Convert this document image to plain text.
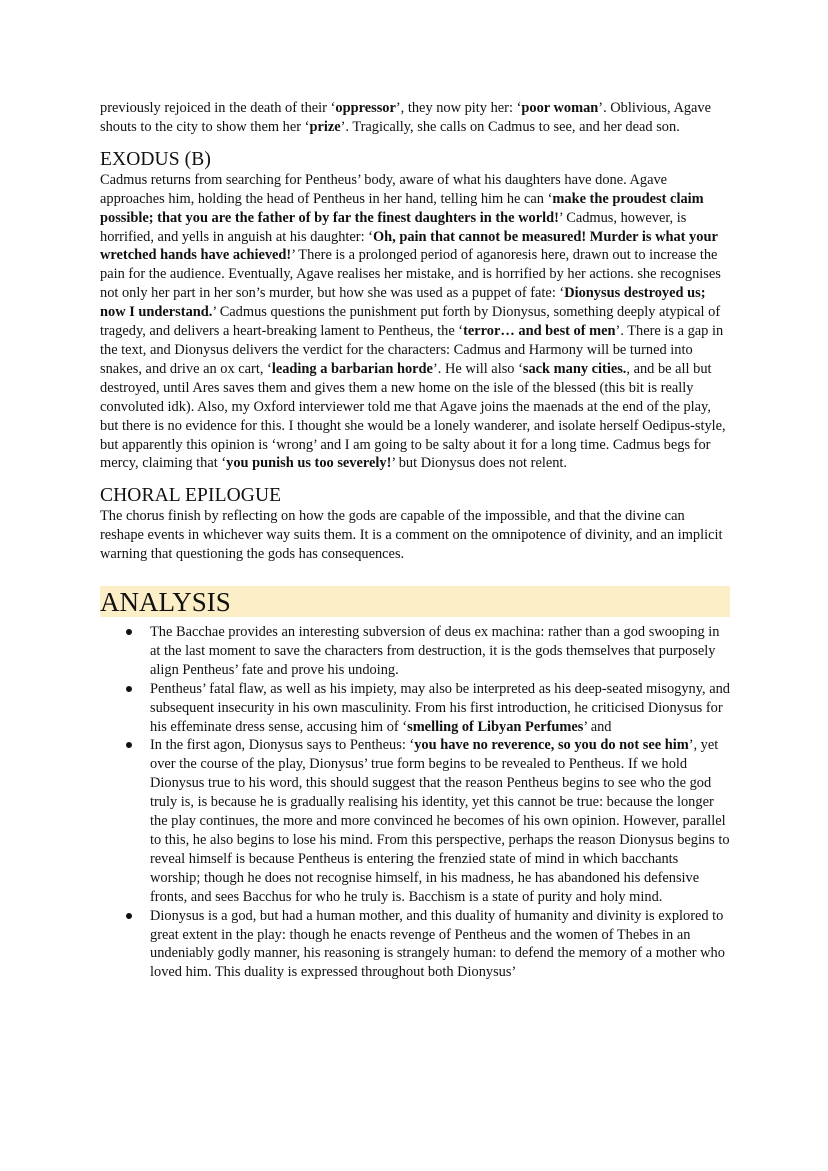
previously rejoiced in the death of their ‘oppressor’, they now pity her: ‘poor woman’. Oblivious, Agave shouts to the city to show them her ‘prize’. Tragically, she calls on Cadmus to see, and her dead son.

EXODUS (B)

Cadmus returns from searching for Pentheus’ body, aware of what his daughters have done. Agave approaches him, holding the head of Pentheus in her hand, telling him he can ‘make the proudest claim possible; that you are the father of by far the finest daughters in the world!’ Cadmus, however, is horrified, and yells in anguish at his daughter: ‘Oh, pain that cannot be measured! Murder is what your wretched hands have achieved!’ There is a prolonged period of aganoresis here, drawn out to increase the pain for the audience. Eventually, Agave realises her mistake, and is horrified by her actions. she recognises not only her part in her son’s murder, but how she was used as a puppet of fate: ‘Dionysus destroyed us; now I understand.’ Cadmus questions the punishment put forth by Dionysus, something deeply atypical of tragedy, and delivers a heart-breaking lament to Pentheus, the ‘terror… and best of men’. There is a gap in the text, and Dionysus delivers the verdict for the characters: Cadmus and Harmony will be turned into snakes, and drive an ox cart, ‘leading a barbarian horde’. He will also ‘sack many cities., and be all but destroyed, until Ares saves them and gives them a new home on the isle of the blessed (this bit is really convoluted idk). Also, my Oxford interviewer told me that Agave joins the maenads at the end of the play, but there is no evidence for this. I thought she would be a lonely wanderer, and isolate herself Oedipus-style, but apparently this opinion is ‘wrong’ and I am going to be salty about it for a long time. Cadmus begs for mercy, claiming that ‘you punish us too severely!’ but Dionysus does not relent.

CHORAL EPILOGUE

The chorus finish by reflecting on how the gods are capable of the impossible, and that the divine can reshape events in whichever way suits them. It is a comment on the omnipotence of divinity, and an implicit warning that questioning the gods has consequences.

ANALYSIS

The Bacchae provides an interesting subversion of deus ex machina: rather than a god swooping in at the last moment to save the characters from destruction, it is the gods themselves that purposely align Pentheus’ fate and prove his undoing.

Pentheus’ fatal flaw, as well as his impiety, may also be interpreted as his deep-seated misogyny, and subsequent insecurity in his own masculinity. From his first introduction, he criticised Dionysus for his effeminate dress sense, accusing him of ‘smelling of Libyan Perfumes’ and

In the first agon, Dionysus says to Pentheus: ‘you have no reverence, so you do not see him’, yet over the course of the play, Dionysus’ true form begins to be revealed to Pentheus. If we hold Dionysus true to his word, this should suggest that the reason Pentheus begins to see who the god truly is, is because he is gradually realising his identity, yet this cannot be true: because the longer the play continues, the more and more convinced he becomes of his own opinion. However, parallel to this, he also begins to lose his mind. From this perspective, perhaps the reason Dionysus begins to reveal himself is because Pentheus is entering the frenzied state of mind in which bacchants worship; though he does not recognise himself, in his madness, he has abandoned his defensive fronts, and sees Bacchus for who he truly is. Bacchism is a state of purity and holy mind.

Dionysus is a god, but had a human mother, and this duality of humanity and divinity is explored to great extent in the play: though he enacts revenge of Pentheus and the women of Thebes in an undeniably godly manner, his reasoning is strangely human: to defend the memory of a mother who loved him. This duality is expressed throughout both Dionysus’
